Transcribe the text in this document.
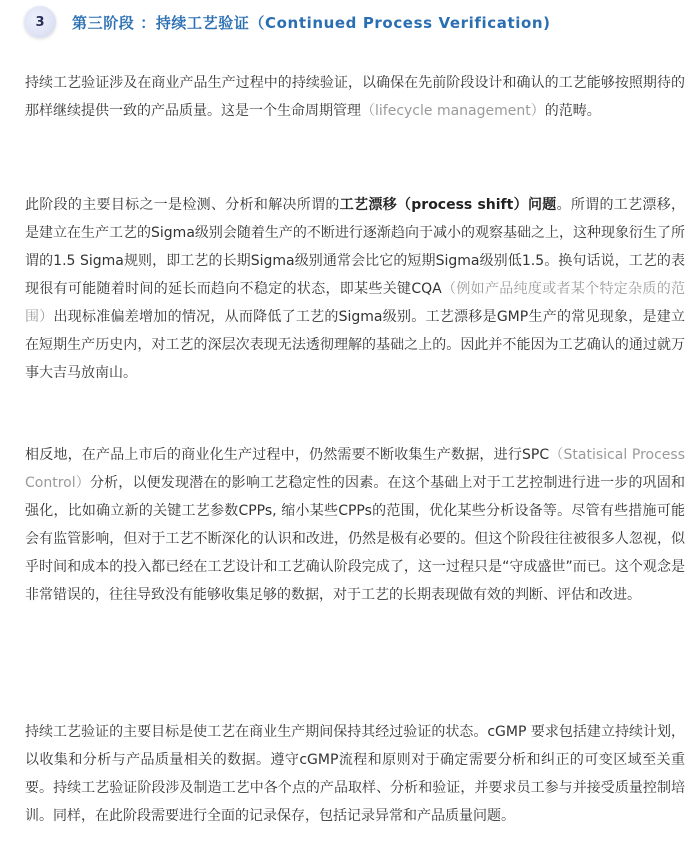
3	第三阶段 ：持续工艺验证（Continued Process Verification)

持续工艺验证涉及在商业产品生产过程中的持续验证，以确保在先前阶段设计和确认的工艺能够按照期待的那样继续提供一致的产品质量。这是一个生命周期管理（lifecycle management）的范畴。

此阶段的主要目标之一是检测、分析和解决所谓的工艺漂移（process shift）问题。所谓的工艺漂移，是建立在生产工艺的Sigma级别会随着生产的不断进行逐渐趋向于减小的观察基础之上，这种现象衍生了所谓的1.5 Sigma规则，即工艺的长期Sigma级别通常会比它的短期Sigma级别低1.5。换句话说，工艺的表现很有可能随着时间的延长而趋向不稳定的状态，即某些关键CQA（例如产品纯度或者某个特定杂质的范围）出现标准偏差增加的情况，从而降低了工艺的Sigma级别。工艺漂移是GMP生产的常见现象，是建立在短期生产历史内，对工艺的深层次表现无法透彻理解的基础之上的。因此并不能因为工艺确认的通过就万事大吉马放南山。

相反地，在产品上市后的商业化生产过程中，仍然需要不断收集生产数据，进行SPC（Statisical Process Control）分析，以便发现潜在的影响工艺稳定性的因素。在这个基础上对于工艺控制进行进一步的巩固和强化，比如确立新的关键工艺参数CPPs, 缩小某些CPPs的范围，优化某些分析设备等。尽管有些措施可能会有监管影响，但对于工艺不断深化的认识和改进，仍然是极有必要的。但这个阶段往往被很多人忽视，似乎时间和成本的投入都已经在工艺设计和工艺确认阶段完成了，这一过程只是“守成盛世”而已。这个观念是非常错误的，往往导致没有能够收集足够的数据，对于工艺的长期表现做有效的判断、评估和改进。

持续工艺验证的主要目标是使工艺在商业生产期间保持其经过验证的状态。cGMP 要求包括建立持续计划，以收集和分析与产品质量相关的数据。遵守cGMP流程和原则对于确定需要分析和纠正的可变区域至关重要。持续工艺验证阶段涉及制造工艺中各个点的产品取样、分析和验证，并要求员工参与并接受质量控制培训。同样，在此阶段需要进行全面的记录保存，包括记录异常和产品质量问题。
